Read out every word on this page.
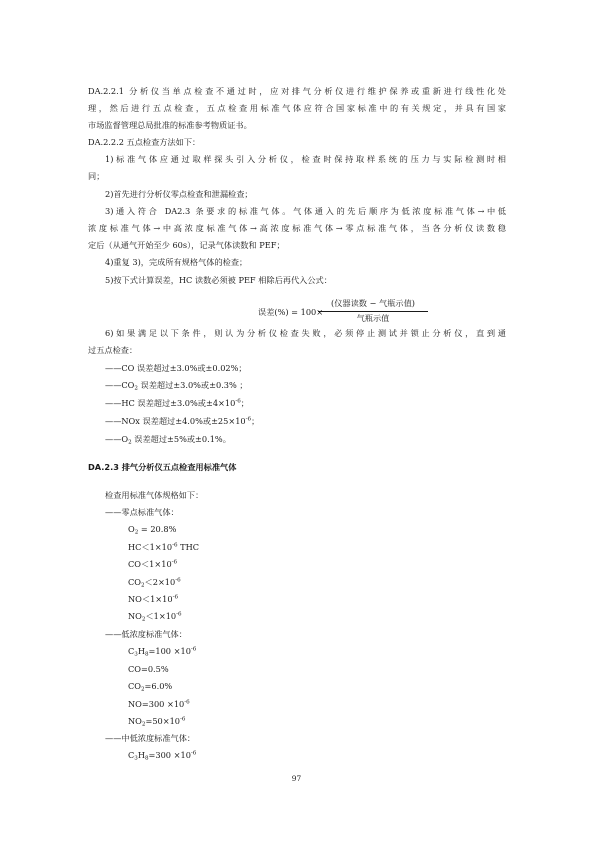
DA.2.2.1 分析仪当单点检查不通过时，应对排气分析仪进行维护保养或重新进行线性化处
理，然后进行五点检查，五点检查用标准气体应符合国家标准中的有关规定，并具有国家
市场监督管理总局批准的标准参考物质证书。
DA.2.2.2 五点检查方法如下：
1)标准气体应通过取样探头引入分析仪，检查时保持取样系统的压力与实际检测时相
同；
2)首先进行分析仪零点检查和泄漏检查；
3)通入符合 DA2.3 条要求的标准气体。气体通入的先后顺序为低浓度标准气体→中低
浓度标准气体→中高浓度标准气体→高浓度标准气体→零点标准气体，当各分析仪读数稳
定后（从通气开始至少 60s），记录气体读数和 PEF；
4)重复 3)，完成所有规格气体的检查；
5)按下式计算误差，HC 读数必须被 PEF 相除后再代入公式：
误差(%) = 100×
(仪器读数 − 气瓶示值)
气瓶示值
6)如果满足以下条件，则认为分析仪检查失败，必须停止测试并锁止分析仪，直到通
过五点检查：
——CO 误差超过±3.0%或±0.02%；
$——CO_2$ 误差超过±3.0%或±0.3% ；
——HC 误差超过±3.0%或$\pm 4\times 10^{-6}$；
——NOx 误差超过±4.0%或$\pm 25\times 10^{-6}$；
$——O_2$ 误差超过±5%或±0.1%。
DA.2.3 排气分析仪五点检查用标准气体
检查用标准气体规格如下：
——零点标准气体：
$O_2 = 20.8\%$
$HC<1\times 10^{-6}$ THC
$CO<1\times 10^{-6}$
$CO_2<2\times 10^{-6}$
$NO<1\times 10^{-6}$
$NO_2<1\times 10^{-6}$
——低浓度标准气体：
$C_3H_8=100 \times 10^{-6}$
CO=0.5%
$CO_2=6.0\%$
$NO=300 \times 10^{-6}$
$NO_2=50\times 10^{-6}$
——中低浓度标准气体：
$C_3H_8=300 \times 10^{-6}$
97
